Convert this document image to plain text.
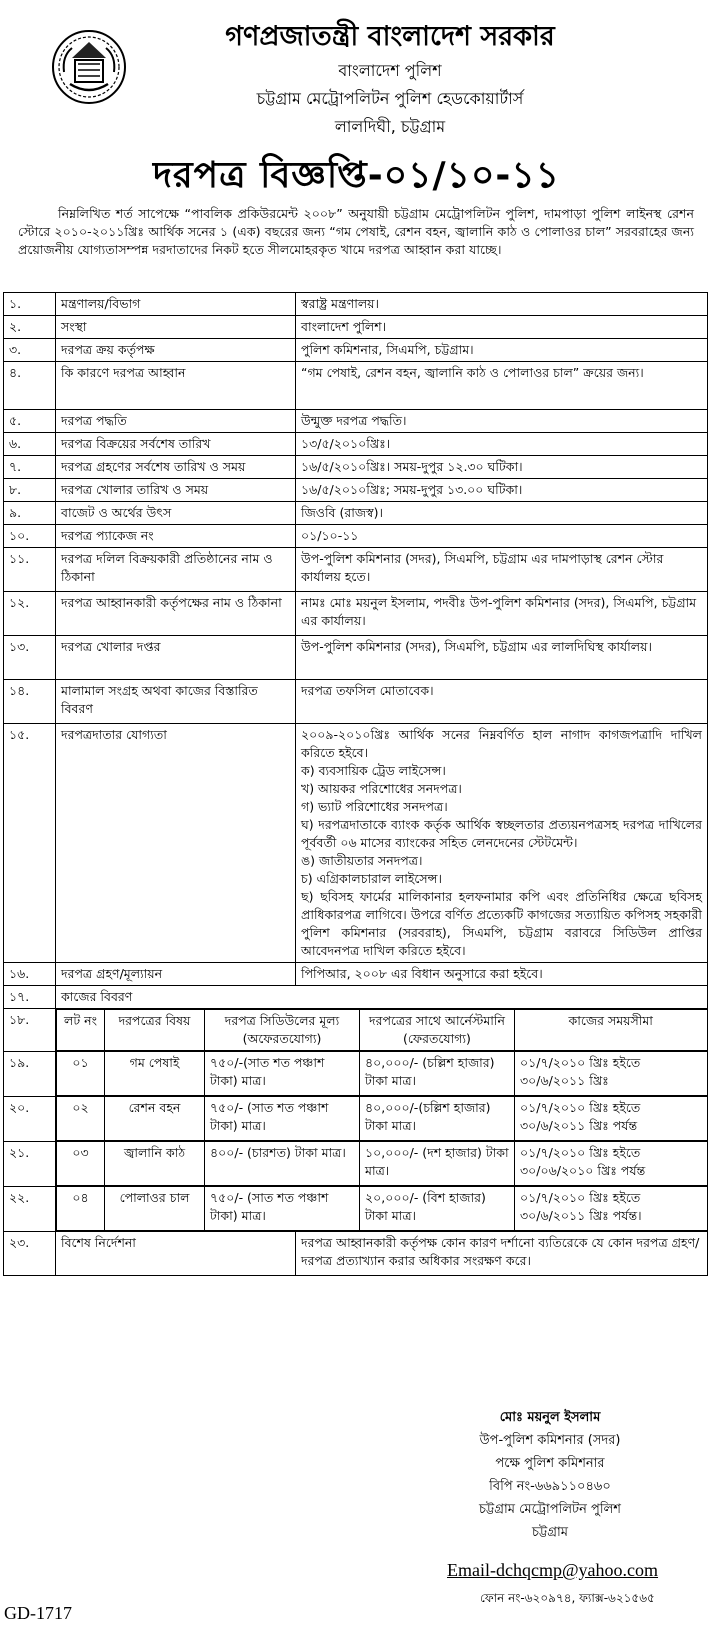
গণপ্রজাতন্ত্রী বাংলাদেশ সরকার
বাংলাদেশ পুলিশ
চট্টগ্রাম মেট্রোপলিটন পুলিশ হেডকোয়ার্টার্স
লালদিঘী, চট্টগ্রাম
দরপত্র বিজ্ঞপ্তি-০১/১০-১১
নিম্নলিখিত শর্ত সাপেক্ষে “পাবলিক প্রকিউরমেন্ট ২০০৮” অনুযায়ী চট্টগ্রাম মেট্রোপলিটন পুলিশ, দামপাড়া পুলিশ লাইনস্থ রেশন স্টোরে ২০১০-২০১১খ্রিঃ আর্থিক সনের ১ (এক) বছরের জন্য “গম পেষাই, রেশন বহন, জ্বালানি কাঠ ও পোলাওর চাল” সরবরাহের জন্য প্রয়োজনীয় যোগ্যতাসম্পন্ন দরদাতাদের নিকট হতে সীলমোহরকৃত খামে দরপত্র আহ্বান করা যাচ্ছে।
১.	মন্ত্রণালয়/বিভাগ	স্বরাষ্ট্র মন্ত্রণালয়।
২.	সংস্থা	বাংলাদেশ পুলিশ।
৩.	দরপত্র ক্রয় কর্তৃপক্ষ	পুলিশ কমিশনার, সিএমপি, চট্টগ্রাম।
৪.	কি কারণে দরপত্র আহ্বান	“গম পেষাই, রেশন বহন, জ্বালানি কাঠ ও পোলাওর চাল” ক্রয়ের জন্য।
৫.	দরপত্র পদ্ধতি	উন্মুক্ত দরপত্র পদ্ধতি।
৬.	দরপত্র বিক্রয়ের সর্বশেষ তারিখ	১৩/৫/২০১০খ্রিঃ।
৭.	দরপত্র গ্রহণের সর্বশেষ তারিখ ও সময়	১৬/৫/২০১০খ্রিঃ। সময়-দুপুর ১২.৩০ ঘটিকা।
৮.	দরপত্র খোলার তারিখ ও সময়	১৬/৫/২০১০খ্রিঃ; সময়-দুপুর ১৩.০০ ঘটিকা।
৯.	বাজেট ও অর্থের উৎস	জিওবি (রাজস্ব)।
১০.	দরপত্র প্যাকেজ নং	০১/১০-১১
১১.	দরপত্র দলিল বিক্রয়কারী প্রতিষ্ঠানের নাম ও ঠিকানা	উপ-পুলিশ কমিশনার (সদর), সিএমপি, চট্টগ্রাম এর দামপাড়াস্থ রেশন স্টোর কার্যালয় হতে।
১২.	দরপত্র আহ্বানকারী কর্তৃপক্ষের নাম ও ঠিকানা	নামঃ মোঃ ময়নুল ইসলাম, পদবীঃ উপ-পুলিশ কমিশনার (সদর), সিএমপি, চট্টগ্রাম এর কার্যালয়।
১৩.	দরপত্র খোলার দপ্তর	উপ-পুলিশ কমিশনার (সদর), সিএমপি, চট্টগ্রাম এর লালদিঘিস্থ কার্যালয়।
১৪.	মালামাল সংগ্রহ অথবা কাজের বিস্তারিত বিবরণ	দরপত্র তফসিল মোতাবেক।
১৫.	দরপত্রদাতার যোগ্যতা	২০০৯-২০১০খ্রিঃ আর্থিক সনের নিম্নবর্ণিত হাল নাগাদ কাগজপত্রাদি দাখিল করিতে হইবে।

ক) ব্যবসায়িক ট্রেড লাইসেন্স।

খ) আয়কর পরিশোধের সনদপত্র।

গ) ভ্যাট পরিশোধের সনদপত্র।

ঘ) দরপত্রদাতাকে ব্যাংক কর্তৃক আর্থিক স্বচ্ছলতার প্রত্যয়নপত্রসহ দরপত্র দাখিলের পূর্ববর্তী ০৬ মাসের ব্যাংকের সহিত লেনদেনের স্টেটমেন্ট।

ঙ) জাতীয়তার সনদপত্র।

চ) এগ্রিকালচারাল লাইসেন্স।

ছ) ছবিসহ ফার্মের মালিকানার হলফনামার কপি এবং প্রতিনিধির ক্ষেত্রে ছবিসহ প্রাধিকারপত্র লাগিবে। উপরে বর্ণিত প্রত্যেকটি কাগজের সত্যায়িত কপিসহ সহকারী পুলিশ কমিশনার (সরবরাহ), সিএমপি, চট্টগ্রাম বরাবরে সিডিউল প্রাপ্তির আবেদনপত্র দাখিল করিতে হইবে।

১৬.	দরপত্র গ্রহণ/মূল্যায়ন	পিপিআর, ২০০৮ এর বিধান অনুসারে করা হইবে।
১৭.	কাজের বিবরণ
১৮.		লট নং	দরপত্রের বিষয়	দরপত্র সিডিউলের মূল্য (অফেরতযোগ্য)	দরপত্রের সাথে আর্নেস্টমানি (ফেরতযোগ্য)	কাজের সময়সীমা

১৯.		০১	গম পেষাই	৭৫০/-(সাত শত পঞ্চাশ টাকা) মাত্র।	৪০,০০০/- (চল্লিশ হাজার) টাকা মাত্র।	০১/৭/২০১০ খ্রিঃ হইতে ৩০/৬/২০১১ খ্রিঃ

২০.		০২	রেশন বহন	৭৫০/- (সাত শত পঞ্চাশ টাকা) মাত্র।	৪০,০০০/-(চল্লিশ হাজার) টাকা মাত্র।	০১/৭/২০১০ খ্রিঃ হইতে ৩০/৬/২০১১ খ্রিঃ পর্যন্ত

২১.		০৩	জ্বালানি কাঠ	৪০০/- (চারশত) টাকা মাত্র।	১০,০০০/- (দশ হাজার) টাকা মাত্র।	০১/৭/২০১০ খ্রিঃ হইতে ৩০/০৬/২০১০ খ্রিঃ পর্যন্ত

২২.		০৪	পোলাওর চাল	৭৫০/- (সাত শত পঞ্চাশ টাকা) মাত্র।	২০,০০০/- (বিশ হাজার) টাকা মাত্র।	০১/৭/২০১০ খ্রিঃ হইতে ৩০/৬/২০১১ খ্রিঃ পর্যন্ত।

২৩.	বিশেষ নির্দেশনা	দরপত্র আহ্বানকারী কর্তৃপক্ষ কোন কারণ দর্শানো ব্যতিরেকে যে কোন দরপত্র গ্রহণ/দরপত্র প্রত্যাখ্যান করার অধিকার সংরক্ষণ করে।
মোঃ ময়নুল ইসলাম
উপ-পুলিশ কমিশনার (সদর)
পক্ষে পুলিশ কমিশনার
বিপি নং-৬৬৯১১০৪৬০
চট্টগ্রাম মেট্রোপলিটন পুলিশ
চট্টগ্রাম
Email-dchqcmp@yahoo.com
ফোন নং-৬২০৯৭৪, ফ্যাক্স-৬২১৫৬৫
GD-1717
